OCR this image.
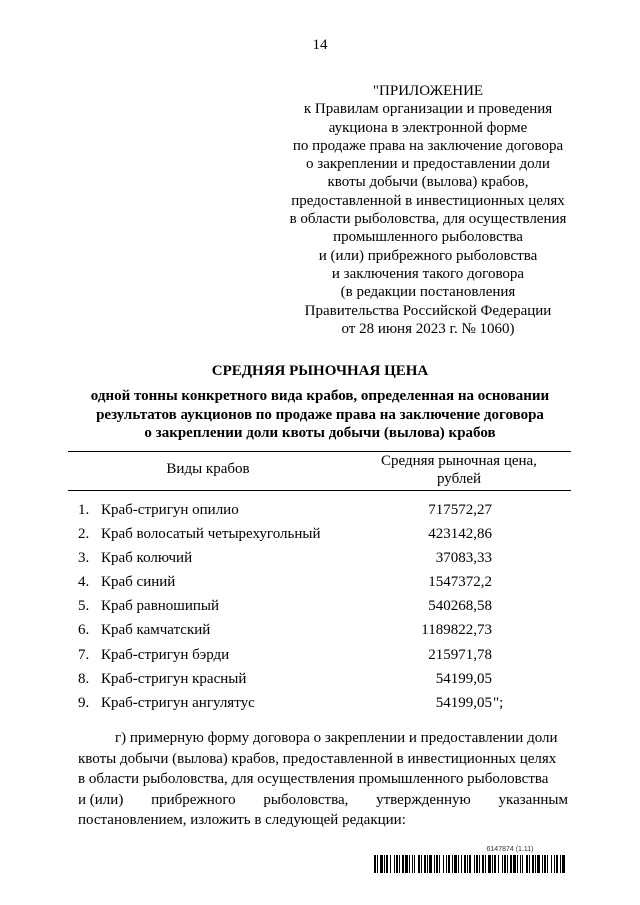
14
"ПРИЛОЖЕНИЕ
к Правилам организации и проведения
аукциона в электронной форме
по продаже права на заключение договора
о закреплении и предоставлении доли
квоты добычи (вылова) крабов,
предоставленной в инвестиционных целях
в области рыболовства, для осуществления
промышленного рыболовства
и (или) прибрежного рыболовства
и заключения такого договора
(в редакции постановления
Правительства Российской Федерации
от 28 июня 2023 г. № 1060)
СРЕДНЯЯ РЫНОЧНАЯ ЦЕНА
одной тонны конкретного вида крабов, определенная на основании
результатов аукционов по продаже права на заключение договора
о закреплении доли квоты добычи (вылова) крабов
Виды крабов	Средняя рыночная цена,
рублей
1. Краб-стригун опилио	717572,27
2. Краб волосатый четырехугольный	423142,86
3. Краб колючий	37083,33
4. Краб синий	1547372,2
5. Краб равношипый	540268,58
6. Краб камчатский	1189822,73
7. Краб-стригун бэрди	215971,78
8. Краб-стригун красный	54199,05
9. Краб-стригун ангулятус	54199,05 ";
г) примерную форму договора о закреплении и предоставлении доли
квоты добычи (вылова) крабов, предоставленной в инвестиционных целях
в области рыболовства, для осуществления промышленного рыболовства
и (или) прибрежного рыболовства, утвержденную указанным
постановлением, изложить в следующей редакции:
6147874 (1.11)
